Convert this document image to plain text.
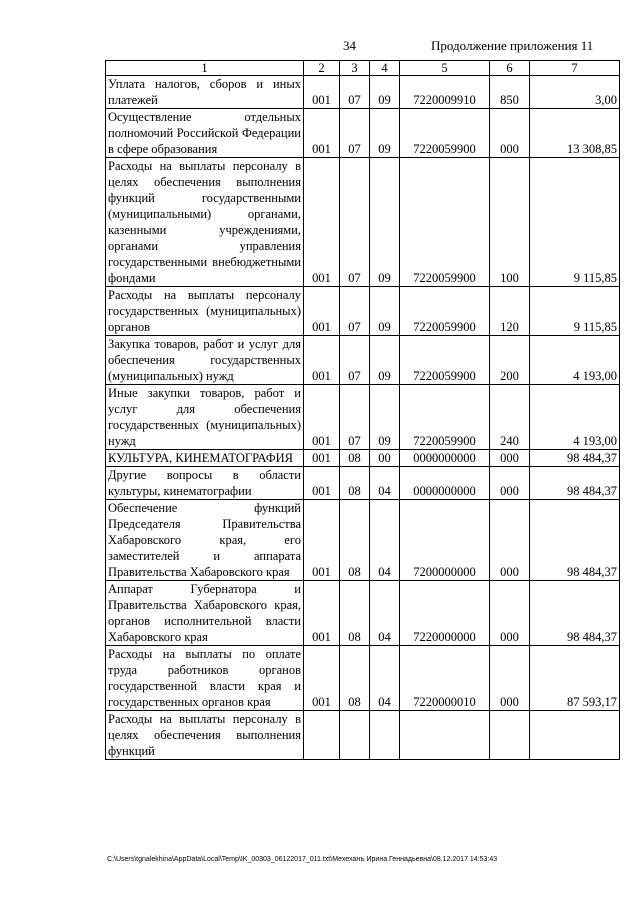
34	Продолжение приложения 11
1	2	3	4	5	6	7
Уплата налогов, сборов и иных платежей	001	07	09	7220009910	850	3,00
Осуществление отдельных полномочий Российской Федерации в сфере образования	001	07	09	7220059900	000	13 308,85
Расходы на выплаты персоналу в целях обеспечения выполнения функций государственными (муниципальными) органами, казенными учреждениями, органами управления государственными внебюджетными фондами	001	07	09	7220059900	100	9 115,85
Расходы на выплаты персоналу государственных (муниципальных) органов	001	07	09	7220059900	120	9 115,85
Закупка товаров, работ и услуг для обеспечения государственных (муниципальных) нужд	001	07	09	7220059900	200	4 193,00
Иные закупки товаров, работ и услуг для обеспечения государственных (муниципальных) нужд	001	07	09	7220059900	240	4 193,00
КУЛЬТУРА, КИНЕМАТОГРАФИЯ	001	08	00	0000000000	000	98 484,37
Другие вопросы в области культуры, кинематографии	001	08	04	0000000000	000	98 484,37
Обеспечение функций Председателя Правительства Хабаровского края, его заместителей и аппарата Правительства Хабаровского края	001	08	04	7200000000	000	98 484,37
Аппарат Губернатора и Правительства Хабаровского края, органов исполнительной власти Хабаровского края	001	08	04	7220000000	000	98 484,37
Расходы на выплаты по оплате труда работников органов государственной власти края и государственных органов края	001	08	04	7220000010	000	87 593,17
Расходы на выплаты персоналу в целях обеспечения выполнения функций						
C:\Users\tgnalekhina\AppData\Local\Temp\IK_00303_06122017_011.txt\Мехеханъ Ирина Геннадьевна\08.12.2017 14:53:43
